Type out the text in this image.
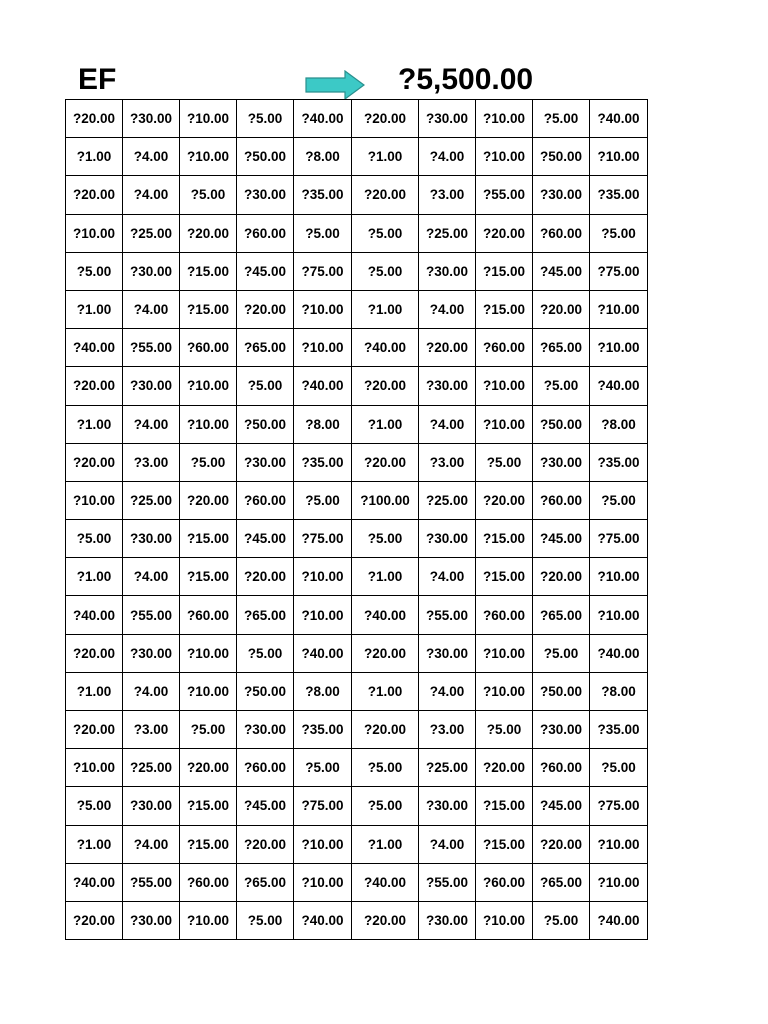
EF	?5,500.00
?20.00	?30.00	?10.00	?5.00	?40.00	?20.00	?30.00	?10.00	?5.00	?40.00
?1.00	?4.00	?10.00	?50.00	?8.00	?1.00	?4.00	?10.00	?50.00	?10.00
?20.00	?4.00	?5.00	?30.00	?35.00	?20.00	?3.00	?55.00	?30.00	?35.00
?10.00	?25.00	?20.00	?60.00	?5.00	?5.00	?25.00	?20.00	?60.00	?5.00
?5.00	?30.00	?15.00	?45.00	?75.00	?5.00	?30.00	?15.00	?45.00	?75.00
?1.00	?4.00	?15.00	?20.00	?10.00	?1.00	?4.00	?15.00	?20.00	?10.00
?40.00	?55.00	?60.00	?65.00	?10.00	?40.00	?20.00	?60.00	?65.00	?10.00
?20.00	?30.00	?10.00	?5.00	?40.00	?20.00	?30.00	?10.00	?5.00	?40.00
?1.00	?4.00	?10.00	?50.00	?8.00	?1.00	?4.00	?10.00	?50.00	?8.00
?20.00	?3.00	?5.00	?30.00	?35.00	?20.00	?3.00	?5.00	?30.00	?35.00
?10.00	?25.00	?20.00	?60.00	?5.00	?100.00	?25.00	?20.00	?60.00	?5.00
?5.00	?30.00	?15.00	?45.00	?75.00	?5.00	?30.00	?15.00	?45.00	?75.00
?1.00	?4.00	?15.00	?20.00	?10.00	?1.00	?4.00	?15.00	?20.00	?10.00
?40.00	?55.00	?60.00	?65.00	?10.00	?40.00	?55.00	?60.00	?65.00	?10.00
?20.00	?30.00	?10.00	?5.00	?40.00	?20.00	?30.00	?10.00	?5.00	?40.00
?1.00	?4.00	?10.00	?50.00	?8.00	?1.00	?4.00	?10.00	?50.00	?8.00
?20.00	?3.00	?5.00	?30.00	?35.00	?20.00	?3.00	?5.00	?30.00	?35.00
?10.00	?25.00	?20.00	?60.00	?5.00	?5.00	?25.00	?20.00	?60.00	?5.00
?5.00	?30.00	?15.00	?45.00	?75.00	?5.00	?30.00	?15.00	?45.00	?75.00
?1.00	?4.00	?15.00	?20.00	?10.00	?1.00	?4.00	?15.00	?20.00	?10.00
?40.00	?55.00	?60.00	?65.00	?10.00	?40.00	?55.00	?60.00	?65.00	?10.00
?20.00	?30.00	?10.00	?5.00	?40.00	?20.00	?30.00	?10.00	?5.00	?40.00
